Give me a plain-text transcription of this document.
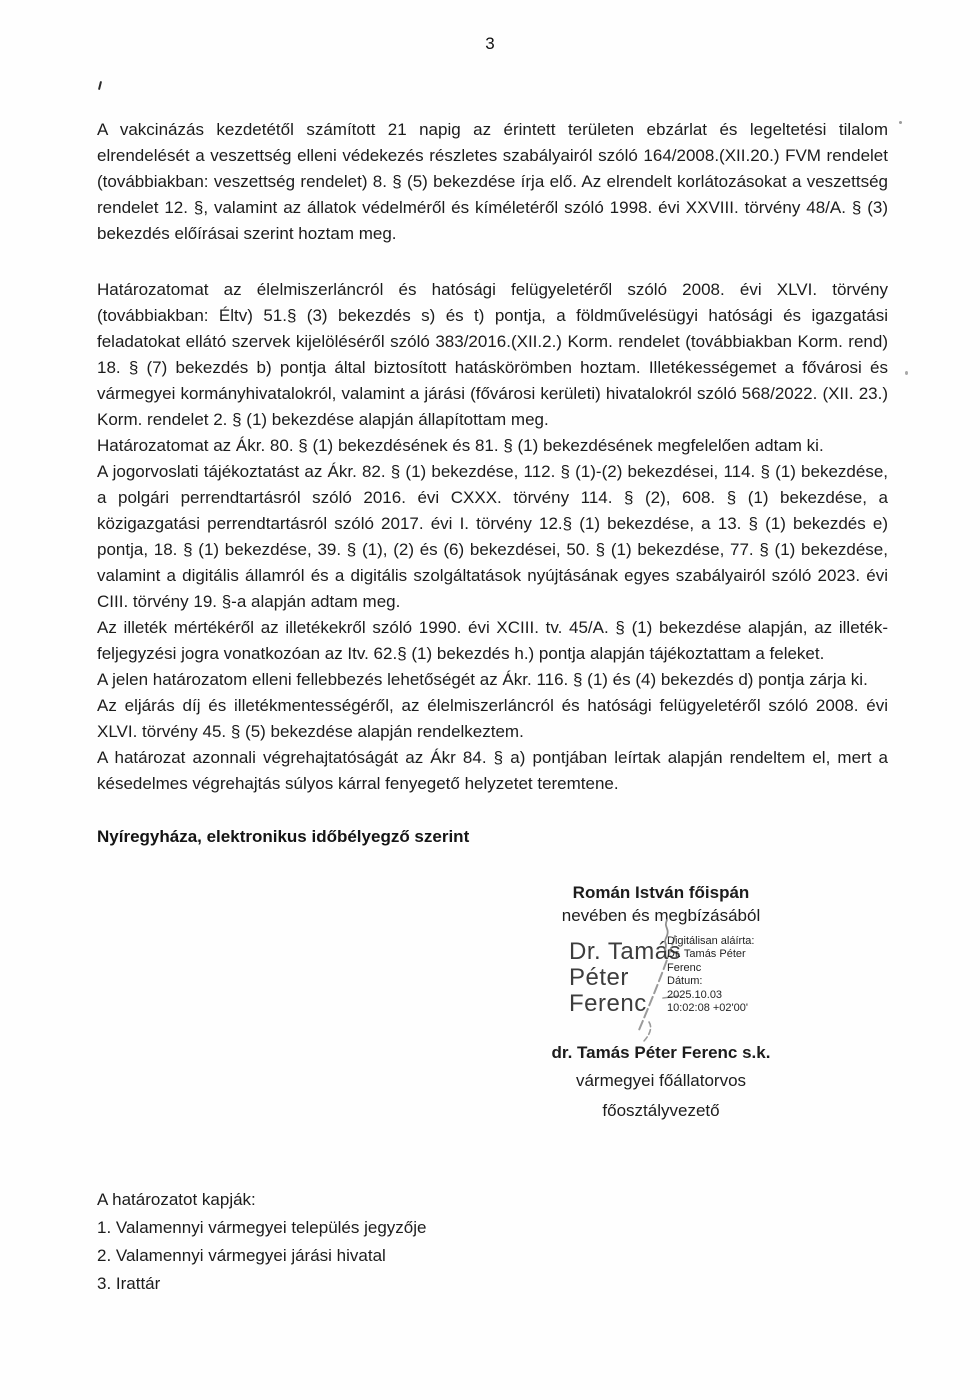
3

A vakcinázás kezdetétől számított 21 napig az érintett területen ebzárlat és legeltetési tilalom elrendelését a veszettség elleni védekezés részletes szabályairól szóló 164/2008.(XII.20.) FVM rendelet (továbbiakban: veszettség rendelet) 8. § (5) bekezdése írja elő. Az elrendelt korlátozásokat a veszettség rendelet 12. §, valamint az állatok védelméről és kíméletéről szóló 1998. évi XXVIII. törvény 48/A. § (3) bekezdés előírásai szerint hoztam meg.

Határozatomat az élelmiszerláncról és hatósági felügyeletéről szóló 2008. évi XLVI. törvény (továbbiakban: Éltv) 51.§ (3) bekezdés s) és t) pontja, a földművelésügyi hatósági és igazgatási feladatokat ellátó szervek kijelöléséről szóló 383/2016.(XII.2.) Korm. rendelet (továbbiakban Korm. rend) 18. § (7) bekezdés b) pontja által biztosított hatáskörömben hoztam. Illetékességemet a fővárosi és vármegyei kormányhivatalokról, valamint a járási (fővárosi kerületi) hivatalokról szóló 568/2022. (XII. 23.) Korm. rendelet 2. § (1) bekezdése alapján állapítottam meg.

Határozatomat az Ákr. 80. § (1) bekezdésének és 81. § (1) bekezdésének megfelelően adtam ki.

A jogorvoslati tájékoztatást az Ákr. 82. § (1) bekezdése, 112. § (1)-(2) bekezdései, 114. § (1) bekezdése, a polgári perrendtartásról szóló 2016. évi CXXX. törvény 114. § (2), 608. § (1) bekezdése, a közigazgatási perrendtartásról szóló 2017. évi I. törvény 12.§ (1) bekezdése, a 13. § (1) bekezdés e) pontja, 18. § (1) bekezdése, 39. § (1), (2) és (6) bekezdései, 50. § (1) bekezdése, 77. § (1) bekezdése, valamint a digitális államról és a digitális szolgáltatások nyújtásának egyes szabályairól szóló 2023. évi CIII. törvény 19. §-a alapján adtam meg.

Az illeték mértékéről az illetékekről szóló 1990. évi XCIII. tv. 45/A. § (1) bekezdése alapján, az illeték-feljegyzési jogra vonatkozóan az Itv. 62.§ (1) bekezdés h.) pontja alapján tájékoztattam a feleket.

A jelen határozatom elleni fellebbezés lehetőségét az Ákr. 116. § (1) és (4) bekezdés d) pontja zárja ki.

Az eljárás díj és illetékmentességéről, az élelmiszerláncról és hatósági felügyeletéről szóló 2008. évi XLVI. törvény 45. § (5) bekezdése alapján rendelkeztem.

A határozat azonnali végrehajtatóságát az Ákr 84. § a) pontjában leírtak alapján rendeltem el, mert a késedelmes végrehajtás súlyos kárral fenyegető helyzetet teremtene.

Nyíregyháza, elektronikus időbélyegző szerint
Román István főispán
nevében és megbízásából
Dr. Tamás
Péter
Ferenc
Digitálisan aláírta:
Dr. Tamás Péter
Ferenc
Dátum:
2025.10.03
10:02:08 +02'00'
dr. Tamás Péter Ferenc s.k.
vármegyei főállatorvos
főosztályvezető

A határozatot kapják:

1. Valamennyi vármegyei település jegyzője

2. Valamennyi vármegyei járási hivatal

3. Irattár
